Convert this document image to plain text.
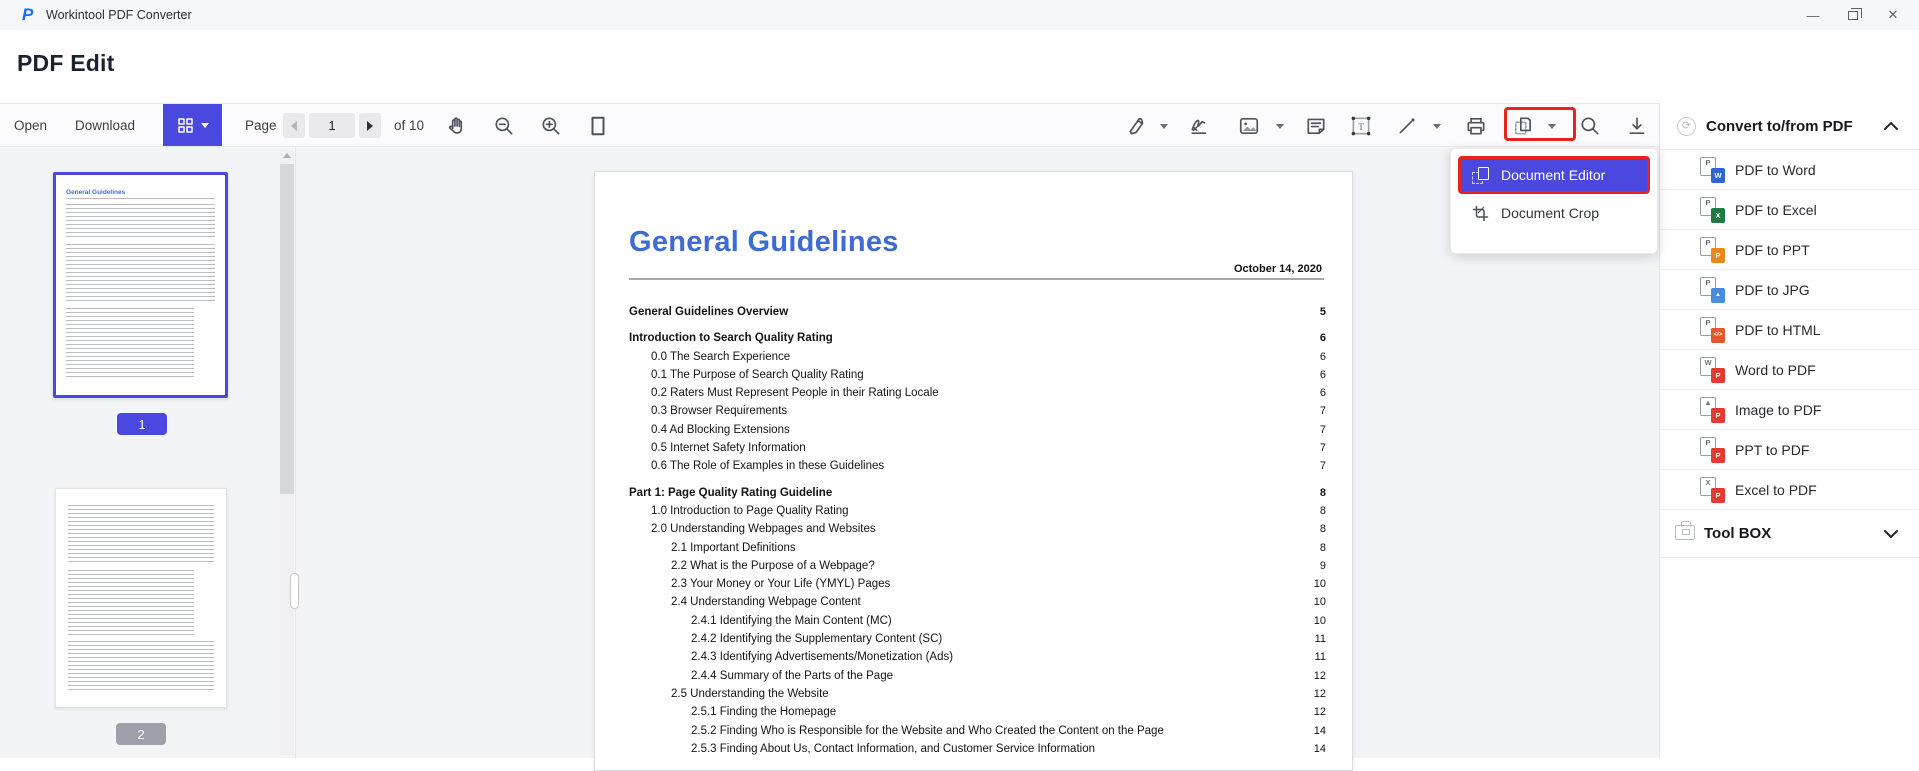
P	Workintool PDF Converter	—	✕
PDF Edit
Open Download	Page
1	of 10	T
General Guidelines
1
2
General Guidelines
October 14, 2020
General Guidelines Overview	5
Introduction to Search Quality Rating	6
0.0 The Search Experience	6
0.1 The Purpose of Search Quality Rating	6
0.2 Raters Must Represent People in their Rating Locale	6
0.3 Browser Requirements	7
0.4 Ad Blocking Extensions	7
0.5 Internet Safety Information	7
0.6 The Role of Examples in these Guidelines	7
Part 1: Page Quality Rating Guideline	8
1.0 Introduction to Page Quality Rating	8
2.0 Understanding Webpages and Websites	8
2.1 Important Definitions	8
2.2 What is the Purpose of a Webpage?	9
2.3 Your Money or Your Life (YMYL) Pages	10
2.4 Understanding Webpage Content	10
2.4.1 Identifying the Main Content (MC)	10
2.4.2 Identifying the Supplementary Content (SC)	11
2.4.3 Identifying Advertisements/Monetization (Ads)	11
2.4.4 Summary of the Parts of the Page	12
2.5 Understanding the Website	12
2.5.1 Finding the Homepage	12
2.5.2 Finding Who is Responsible for the Website and Who Created the Content on the Page	14
2.5.3 Finding About Us, Contact Information, and Customer Service Information	14
Document Editor
Document Crop
⟳ Convert to/from PDF
P
W PDF to Word
P
X	PDF to Excel
P
P	PDF to PPT
P
▲ PDF to JPG
P
</> PDF to HTML
W
P	Word to PDF
▲
P	Image to PDF
P
P	PPT to PDF
X
P	Excel to PDF
Tool BOX
